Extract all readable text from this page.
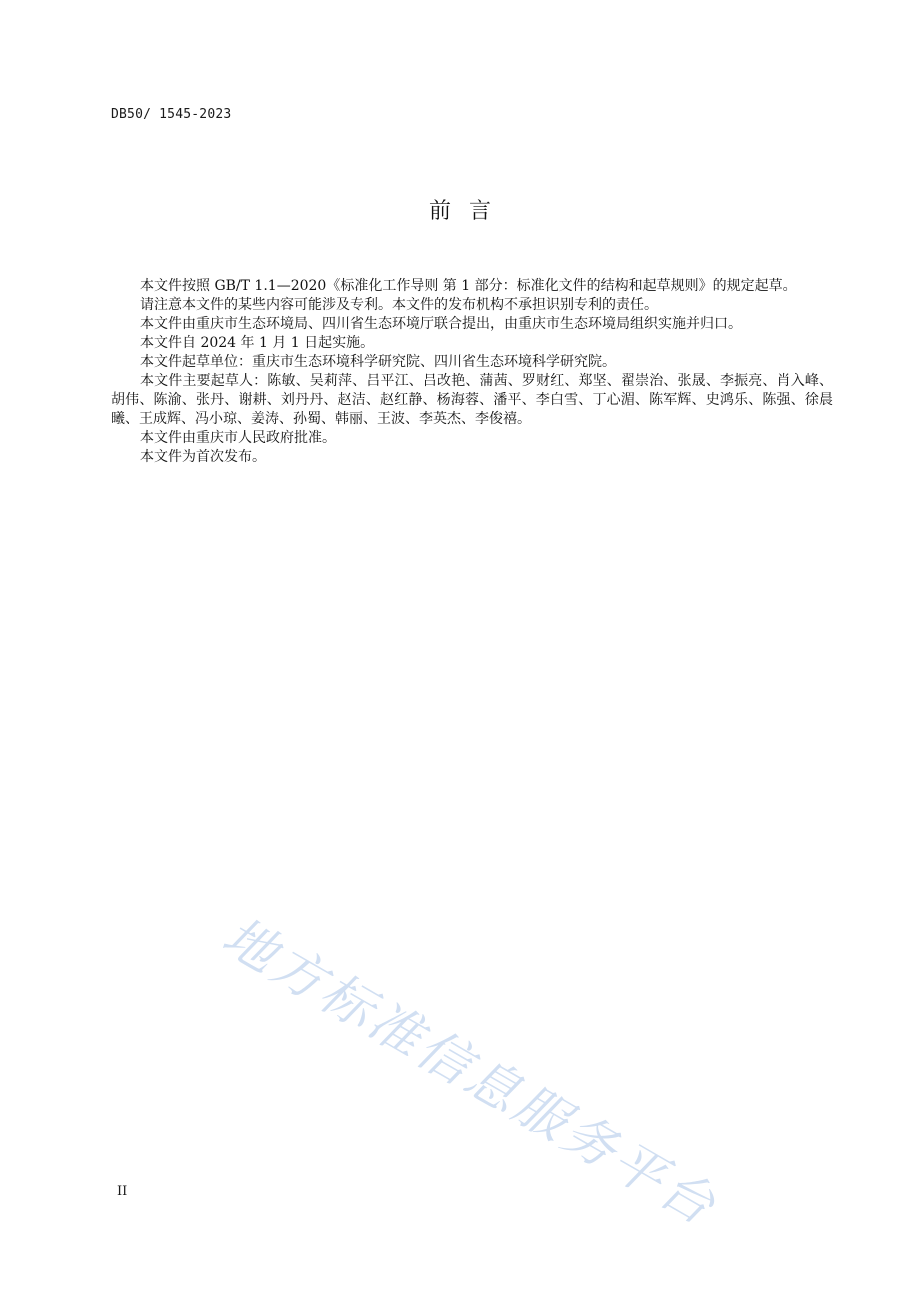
DB50/ 1545-2023
前言

本文件按照 GB/T 1.1—2020《标准化工作导则 第 1 部分：标准化文件的结构和起草规则》的规定起草。

请注意本文件的某些内容可能涉及专利。本文件的发布机构不承担识别专利的责任。

本文件由重庆市生态环境局、四川省生态环境厅联合提出，由重庆市生态环境局组织实施并归口。

本文件自 2024 年 1 月 1 日起实施。

本文件起草单位：重庆市生态环境科学研究院、四川省生态环境科学研究院。

本文件主要起草人：陈敏、吴莉萍、吕平江、吕改艳、蒲茜、罗财红、郑坚、翟崇治、张晟、李振亮、肖入峰、胡伟、陈渝、张丹、谢耕、刘丹丹、赵洁、赵红静、杨海蓉、潘平、李白雪、丁心湄、陈军辉、史鸿乐、陈强、徐晨曦、王成辉、冯小琼、姜涛、孙蜀、韩丽、王波、李英杰、李俊禧。

本文件由重庆市人民政府批准。

本文件为首次发布。

地方标准信息服务平台
II
